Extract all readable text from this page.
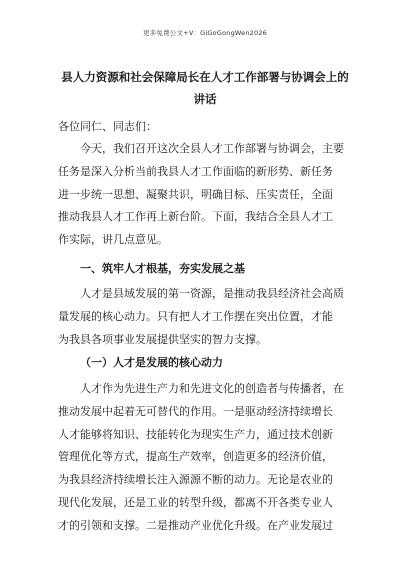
更多免费公文+V：GiGoGongWen2026
县人力资源和社会保障局长在人才工作部署与协调会上的
讲话
各位同仁、同志们：
　　今天，我们召开这次全县人才工作部署与协调会，主要
任务是深入分析当前我县人才工作面临的新形势、新任务
进一步统一思想、凝聚共识，明确目标、压实责任，全面
推动我县人才工作再上新台阶。下面，我结合全县人才工
作实际，讲几点意见。
一、筑牢人才根基，夯实发展之基
　　人才是县域发展的第一资源，是推动我县经济社会高质
量发展的核心动力。只有把人才工作摆在突出位置，才能
为我县各项事业发展提供坚实的智力支撑。
（一）人才是发展的核心动力
　　人才作为先进生产力和先进文化的创造者与传播者，在
推动发展中起着无可替代的作用。一是驱动经济持续增长
人才能够将知识、技能转化为现实生产力，通过技术创新
管理优化等方式，提高生产效率，创造更多的经济价值，
为我县经济持续增长注入源源不断的动力。无论是农业的
现代化发展，还是工业的转型升级，都离不开各类专业人
才的引领和支撑。二是推动产业优化升级。在产业发展过
